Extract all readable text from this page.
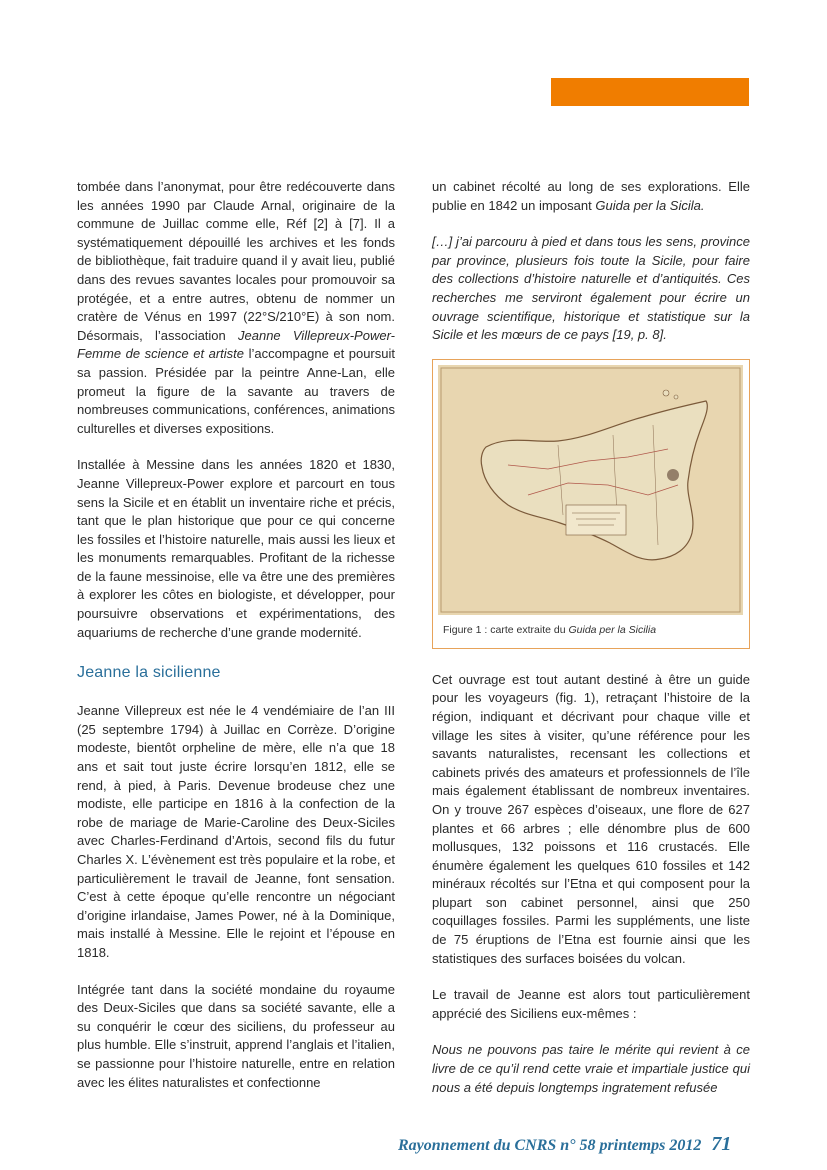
tombée dans l’anonymat, pour être redécouverte dans les années 1990 par Claude Arnal, originaire de la commune de Juillac comme elle, Réf [2] à [7]. Il a systématiquement dépouillé les archives et les fonds de bibliothèque, fait traduire quand il y avait lieu, publié dans des revues savantes locales pour promouvoir sa protégée, et a entre autres, obtenu de nommer un cratère de Vénus en 1997 (22°S/210°E) à son nom. Désormais, l’association Jeanne Villepreux-Power- Femme de science et artiste l’accompagne et poursuit sa passion. Présidée par la peintre Anne-Lan, elle promeut la figure de la savante au travers de nombreuses communications, conférences, animations culturelles et diverses expositions.

Installée à Messine dans les années 1820 et 1830, Jeanne Villepreux-Power explore et parcourt en tous sens la Sicile et en établit un inventaire riche et précis, tant que le plan historique que pour ce qui concerne les fossiles et l’histoire naturelle, mais aussi les lieux et les monuments remarquables. Profitant de la richesse de la faune messinoise, elle va être une des premières à explorer les côtes en biologiste, et développer, pour poursuivre observations et expérimentations, des aquariums de recherche d’une grande modernité.

Jeanne la sicilienne

Jeanne Villepreux est née le 4 vendémiaire de l’an III (25 septembre 1794) à Juillac en Corrèze. D’origine modeste, bientôt orpheline de mère, elle n’a que 18 ans et sait tout juste écrire lorsqu’en 1812, elle se rend, à pied, à Paris. Devenue brodeuse chez une modiste, elle participe en 1816 à la confection de la robe de mariage de Marie-Caroline des Deux-Siciles avec Charles-Ferdinand d’Artois, second fils du futur Charles X. L’évènement est très populaire et la robe, et particulièrement le travail de Jeanne, font sensation. C’est à cette époque qu’elle rencontre un négociant d’origine irlandaise, James Power, né à la Dominique, mais installé à Messine. Elle le rejoint et l’épouse en 1818.

Intégrée tant dans la société mondaine du royaume des Deux-Siciles que dans sa société savante, elle a su conquérir le cœur des siciliens, du professeur au plus humble. Elle s’instruit, apprend l’anglais et l’italien, se passionne pour l’histoire naturelle, entre en relation avec les élites naturalistes et confectionne

un cabinet récolté au long de ses explorations. Elle publie en 1842 un imposant Guida per la Sicila.

[…] j’ai parcouru à pied et dans tous les sens, province par province, plusieurs fois toute la Sicile, pour faire des collections d’histoire naturelle et d’antiquités. Ces recherches me serviront également pour écrire un ouvrage scientifique, historique et statistique sur la Sicile et les mœurs de ce pays [19, p. 8].

Figure 1 : carte extraite du Guida per la Sicilia

Cet ouvrage est tout autant destiné à être un guide pour les voyageurs (fig. 1), retraçant l’histoire de la région, indiquant et décrivant pour chaque ville et village les sites à visiter, qu’une référence pour les savants naturalistes, recensant les collections et cabinets privés des amateurs et professionnels de l’île mais également établissant de nombreux inventaires. On y trouve 267 espèces d’oiseaux, une flore de 627 plantes et 66 arbres ; elle dénombre plus de 600 mollusques, 132 poissons et 116 crustacés. Elle énumère également les quelques 610 fossiles et 142 minéraux récoltés sur l’Etna et qui composent pour la plupart son cabinet personnel, ainsi que 250 coquillages fossiles. Parmi les suppléments, une liste de 75 éruptions de l’Etna est fournie ainsi que les statistiques des surfaces boisées du volcan.

Le travail de Jeanne est alors tout particulièrement apprécié des Siciliens eux-mêmes :

Nous ne pouvons pas taire le mérite qui revient à ce livre de ce qu’il rend cette vraie et impartiale justice qui nous a été depuis longtemps ingratement refusée

Rayonnement du CNRS n° 58 printemps 2012 71
